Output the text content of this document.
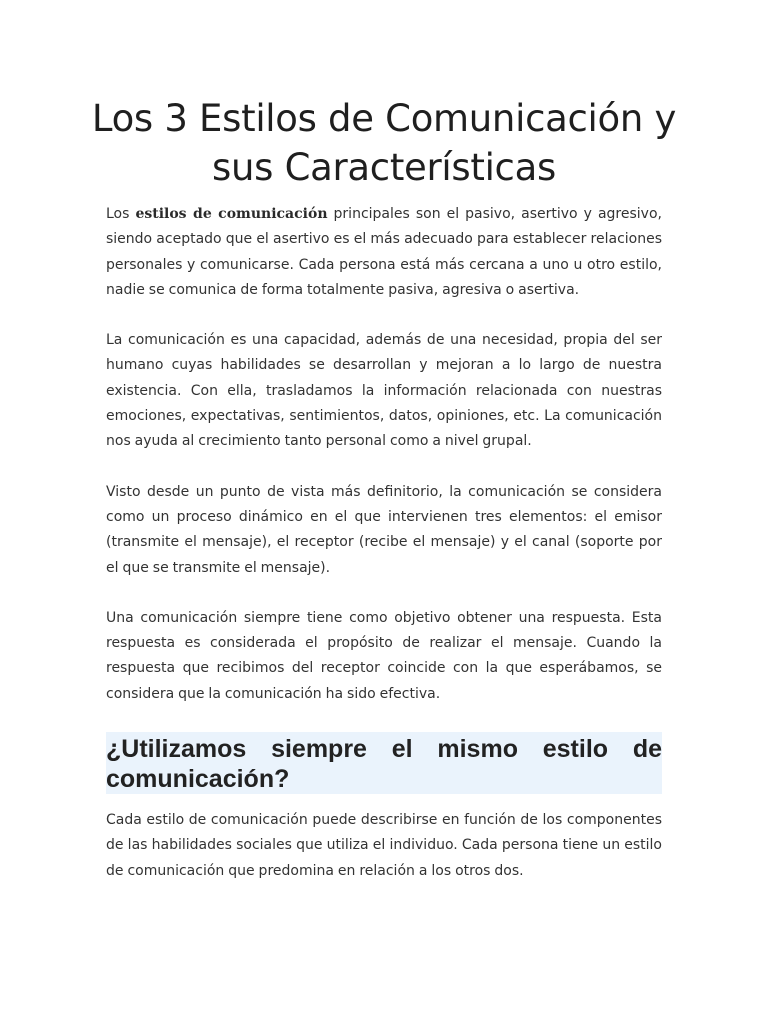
Los 3 Estilos de Comunicación y sus Características

Los estilos de comunicación principales son el pasivo, asertivo y agresivo, siendo aceptado que el asertivo es el más adecuado para establecer relaciones personales y comunicarse. Cada persona está más cercana a uno u otro estilo, nadie se comunica de forma totalmente pasiva, agresiva o asertiva.

La comunicación es una capacidad, además de una necesidad, propia del ser humano cuyas habilidades se desarrollan y mejoran a lo largo de nuestra existencia. Con ella, trasladamos la información relacionada con nuestras emociones, expectativas, sentimientos, datos, opiniones, etc. La comunicación nos ayuda al crecimiento tanto personal como a nivel grupal.

Visto desde un punto de vista más definitorio, la comunicación se considera como un proceso dinámico en el que intervienen tres elementos: el emisor (transmite el mensaje), el receptor (recibe el mensaje) y el canal (soporte por el que se transmite el mensaje).

Una comunicación siempre tiene como objetivo obtener una respuesta. Esta respuesta es considerada el propósito de realizar el mensaje. Cuando la respuesta que recibimos del receptor coincide con la que esperábamos, se considera que la comunicación ha sido efectiva.

¿Utilizamos siempre el mismo estilo de comunicación?

Cada estilo de comunicación puede describirse en función de los componentes de las habilidades sociales que utiliza el individuo. Cada persona tiene un estilo de comunicación que predomina en relación a los otros dos.
